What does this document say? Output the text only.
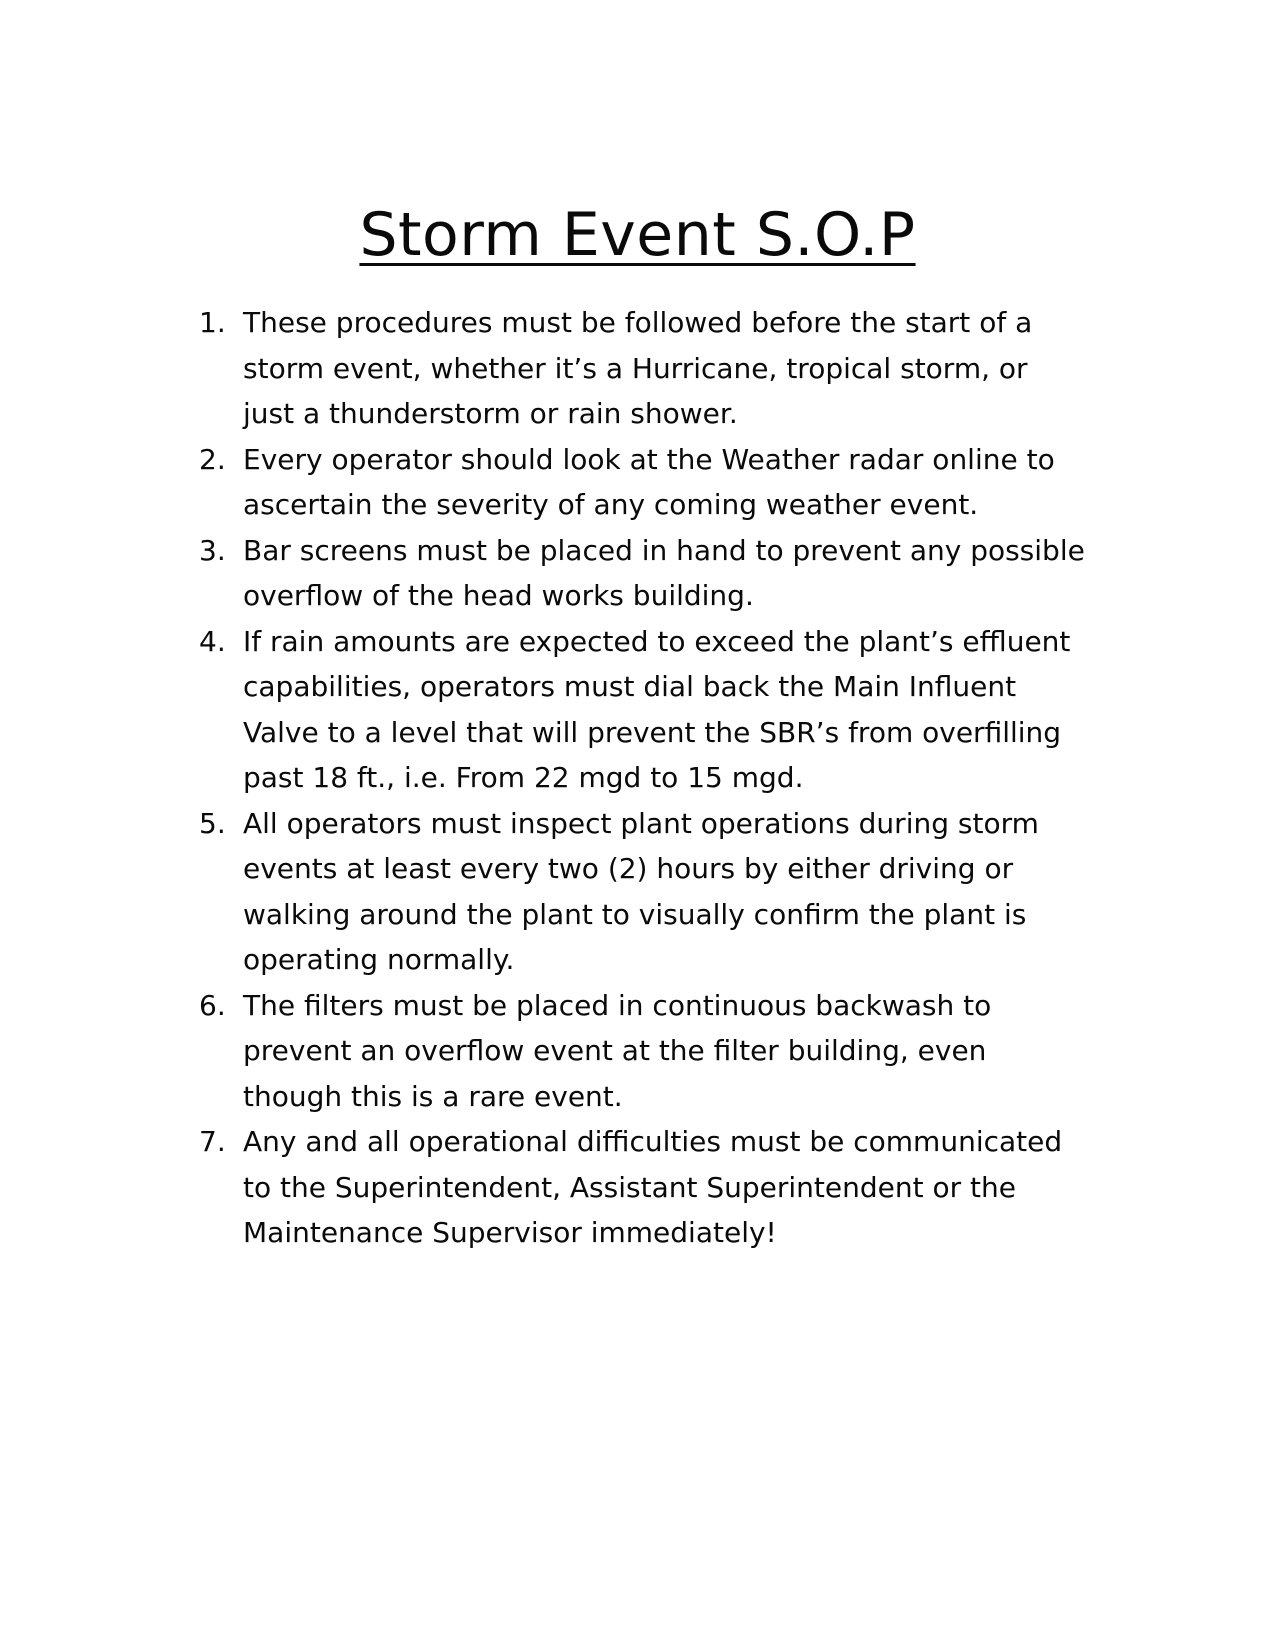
Storm Event S.O.P
1. These procedures must be followed before the start of a storm event, whether it’s a Hurricane, tropical storm, or just a thunderstorm or rain shower.
2. Every operator should look at the Weather radar online to ascertain the severity of any coming weather event.
3. Bar screens must be placed in hand to prevent any possible overflow of the head works building.
4. If rain amounts are expected to exceed the plant’s effluent capabilities, operators must dial back the Main Influent Valve to a level that will prevent the SBR’s from overfilling past 18 ft., i.e. From 22 mgd to 15 mgd.
5. All operators must inspect plant operations during storm events at least every two (2) hours by either driving or walking around the plant to visually confirm the plant is operating normally.
6. The filters must be placed in continuous backwash to prevent an overflow event at the filter building, even though this is a rare event.
7. Any and all operational difficulties must be communicated to the Superintendent, Assistant Superintendent or the Maintenance Supervisor immediately!
